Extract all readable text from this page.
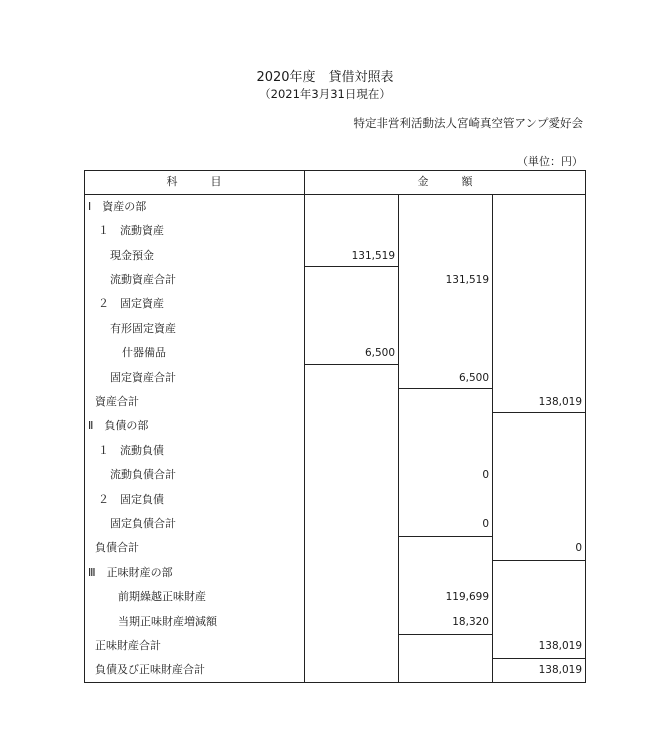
2020年度　貸借対照表
（2021年3月31日現在）
特定非営利活動法人宮崎真空管アンプ愛好会
（単位：円）
科　　　目	金　　　額
Ⅰ　資産の部
１　流動資産
現金預金
流動資産合計
２　固定資産
有形固定資産
什器備品
固定資産合計
資産合計
Ⅱ　負債の部
１　流動負債
流動負債合計
２　固定負債
固定負債合計
負債合計
Ⅲ　正味財産の部
前期繰越正味財産
当期正味財産増減額
正味財産合計
負債及び正味財産合計
131,519
6,500
131,519
6,500
0
0
119,699
18,320
138,019
0
138,019
138,019
